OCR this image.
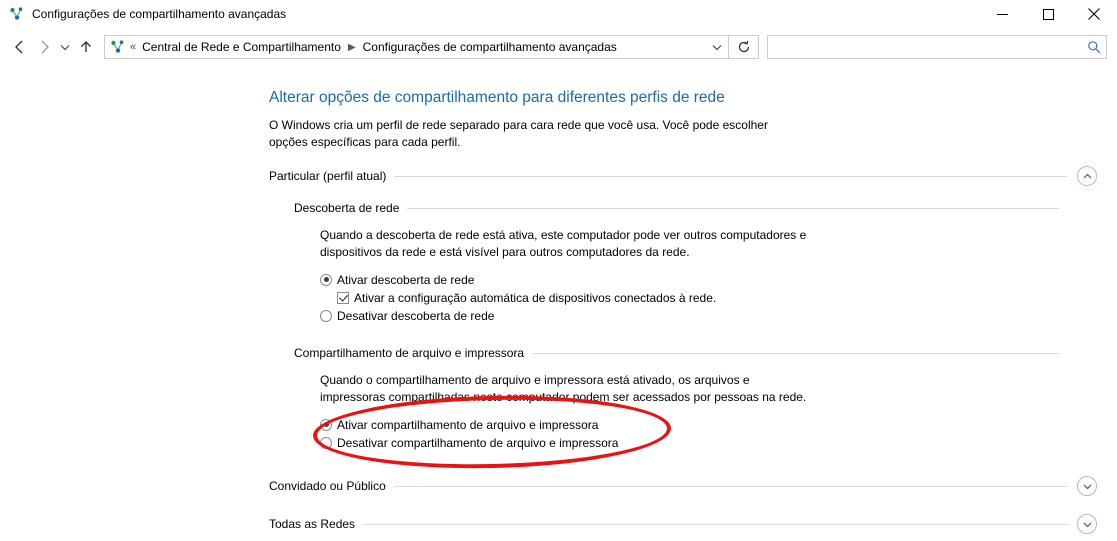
Configurações de compartilhamento avançadas
« Central de Rede e Compartilhamento ▶ Configurações de compartilhamento avançadas
Alterar opções de compartilhamento para diferentes perfis de rede
O Windows cria um perfil de rede separado para cara rede que você usa. Você pode escolher opções específicas para cada perfil.
Particular (perfil atual)
Descoberta de rede
Quando a descoberta de rede está ativa, este computador pode ver outros computadores e dispositivos da rede e está visível para outros computadores da rede.
Ativar descoberta de rede
Ativar a configuração automática de dispositivos conectados à rede.
Desativar descoberta de rede
Compartilhamento de arquivo e impressora
Quando o compartilhamento de arquivo e impressora está ativado, os arquivos e impressoras compartilhadas neste computador podem ser acessados por pessoas na rede.
Ativar compartilhamento de arquivo e impressora
Desativar compartilhamento de arquivo e impressora
Convidado ou Público
Todas as Redes
